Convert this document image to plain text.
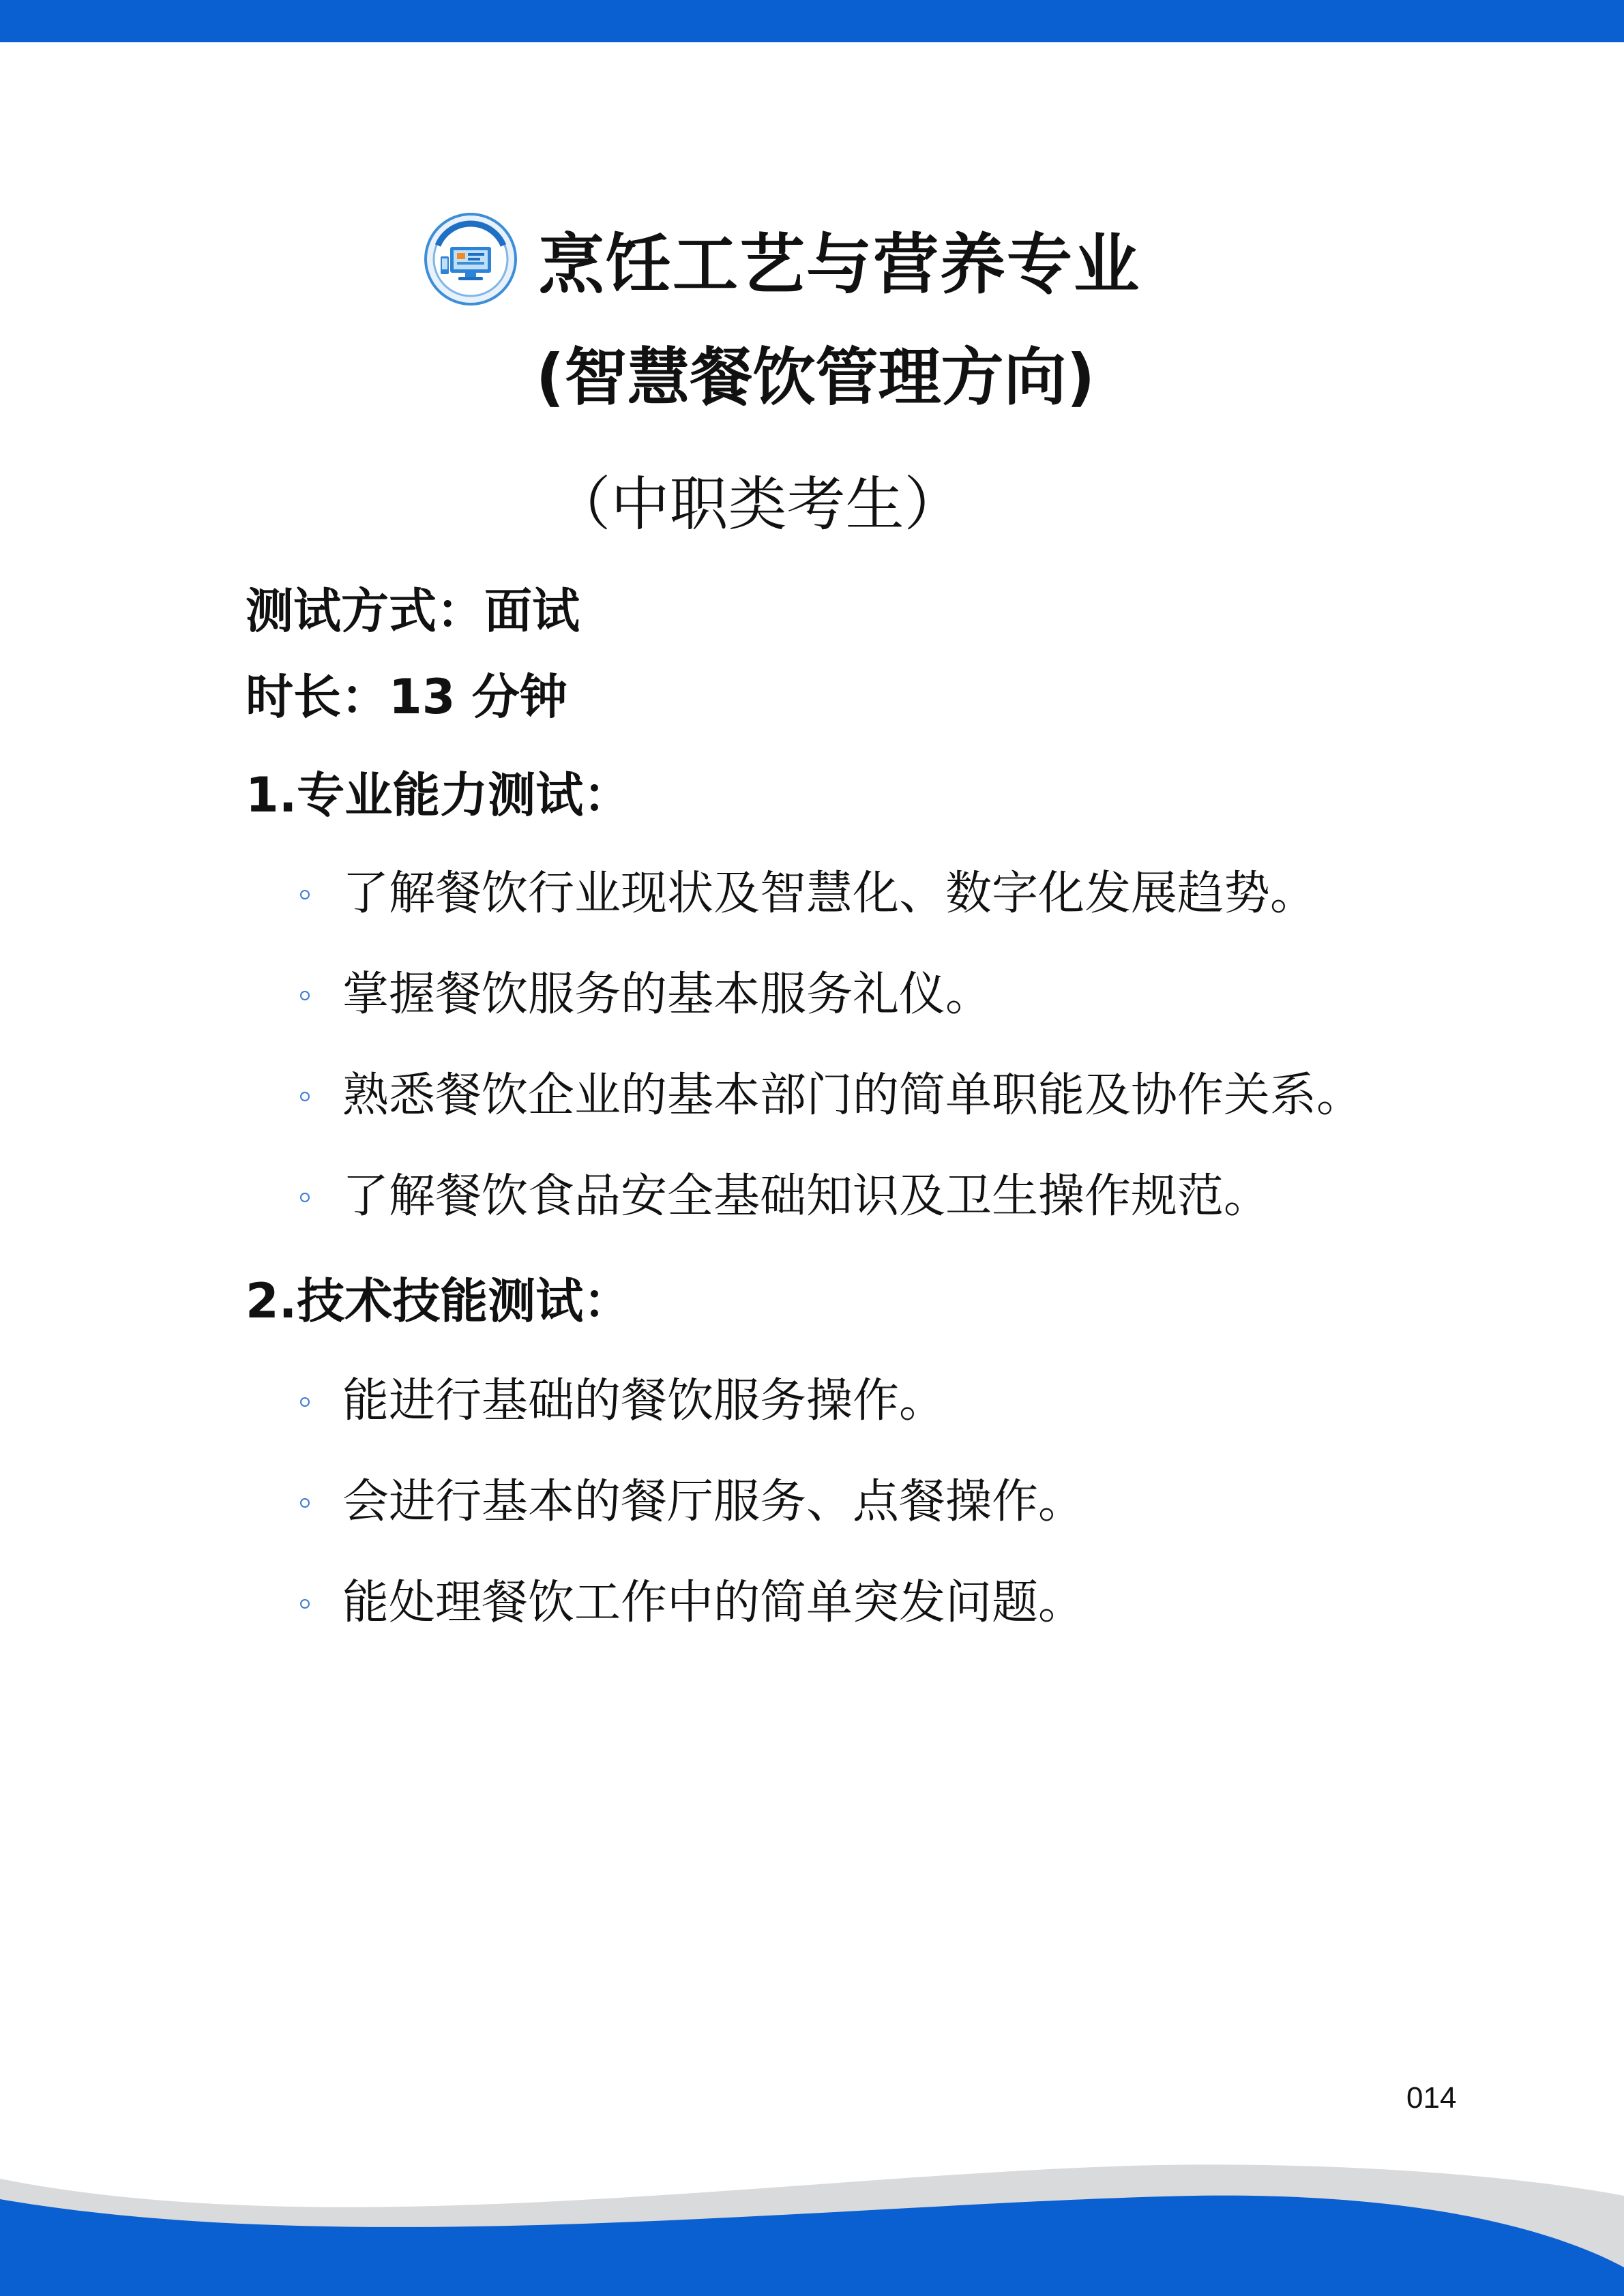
烹饪工艺与营养专业
(智慧餐饮管理方向)
（中职类考生）
测试方式：面试
时长：13 分钟
1.专业能力测试：
了解餐饮行业现状及智慧化、数字化发展趋势。
掌握餐饮服务的基本服务礼仪。
熟悉餐饮企业的基本部门的简单职能及协作关系。
了解餐饮食品安全基础知识及卫生操作规范。
2.技术技能测试：
能进行基础的餐饮服务操作。
会进行基本的餐厅服务、点餐操作。
能处理餐饮工作中的简单突发问题。
014
